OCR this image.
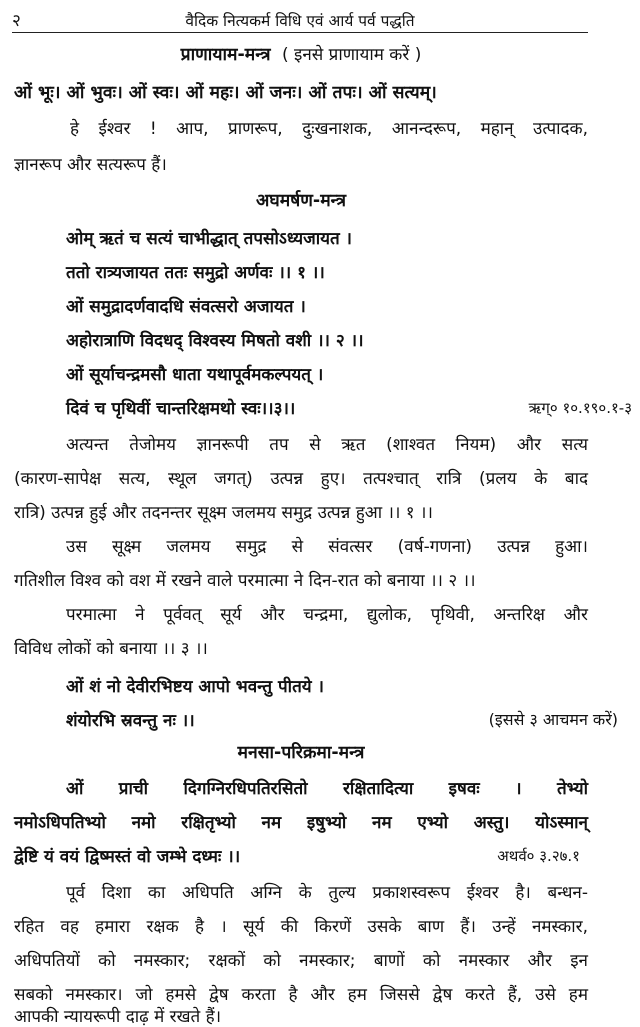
२	वैदिक नित्यकर्म विधि एवं आर्य पर्व पद्धति
प्राणायाम-मन्त्र ( इनसे प्राणायाम करें )
ओं भूः। ओं भुवः। ओं स्वः। ओं महः। ओं जनः। ओं तपः। ओं सत्यम्।
हे ईश्वर ! आप, प्राणरूप, दुःखनाशक, आनन्दरूप, महान् उत्पादक,
ज्ञानरूप और सत्यरूप हैं।
अघमर्षण-मन्त्र
ओम् ऋतं च सत्यं चाभीद्धात् तपसोऽध्यजायत ।
ततो रात्र्यजायत ततः समुद्रो अर्णवः ।। १ ।।
ओं समुद्रादर्णवादधि संवत्सरो अजायत ।
अहोरात्राणि विदधद् विश्वस्य मिषतो वशी ।। २ ।।
ओं सूर्याचन्द्रमसौ धाता यथापूर्वमकल्पयत् ।
दिवं च पृथिवीं चान्तरिक्षमथो स्वः।।३।।	ऋग्० १०.१९०.१-३
अत्यन्त तेजोमय ज्ञानरूपी तप से ऋत (शाश्वत नियम) और सत्य
(कारण-सापेक्ष सत्य, स्थूल जगत्) उत्पन्न हुए। तत्पश्चात् रात्रि (प्रलय के बाद
रात्रि) उत्पन्न हुई और तदनन्तर सूक्ष्म जलमय समुद्र उत्पन्न हुआ ।। १ ।।
उस सूक्ष्म जलमय समुद्र से संवत्सर (वर्ष-गणना) उत्पन्न हुआ।
गतिशील विश्व को वश में रखने वाले परमात्मा ने दिन-रात को बनाया ।। २ ।।
परमात्मा ने पूर्ववत् सूर्य और चन्द्रमा, द्युलोक, पृथिवी, अन्तरिक्ष और
विविध लोकों को बनाया ।। ३ ।।
ओं शं नो देवीरभिष्टय आपो भवन्तु पीतये ।
शंयोरभि स्रवन्तु नः ।।	(इससे ३ आचमन करें)
मनसा-परिक्रमा-मन्त्र
ओं प्राची दिगग्निरधिपतिरसितो रक्षितादित्या इषवः । तेभ्यो
नमोऽधिपतिभ्यो नमो रक्षितृभ्यो नम इषुभ्यो नम एभ्यो अस्तु। योऽस्मान्
द्वेष्टि यं वयं द्विष्मस्तं वो जम्भे दध्मः ।।	अथर्व० ३.२७.१
पूर्व दिशा का अधिपति अग्नि के तुल्य प्रकाशस्वरूप ईश्वर है। बन्धन-
रहित वह हमारा रक्षक है । सूर्य की किरणें उसके बाण हैं। उन्हें नमस्कार,
अधिपतियों को नमस्कार; रक्षकों को नमस्कार; बाणों को नमस्कार और इन
सबको नमस्कार। जो हमसे द्वेष करता है और हम जिससे द्वेष करते हैं, उसे हम
आपकी न्यायरूपी दाढ़ में रखते हैं।
